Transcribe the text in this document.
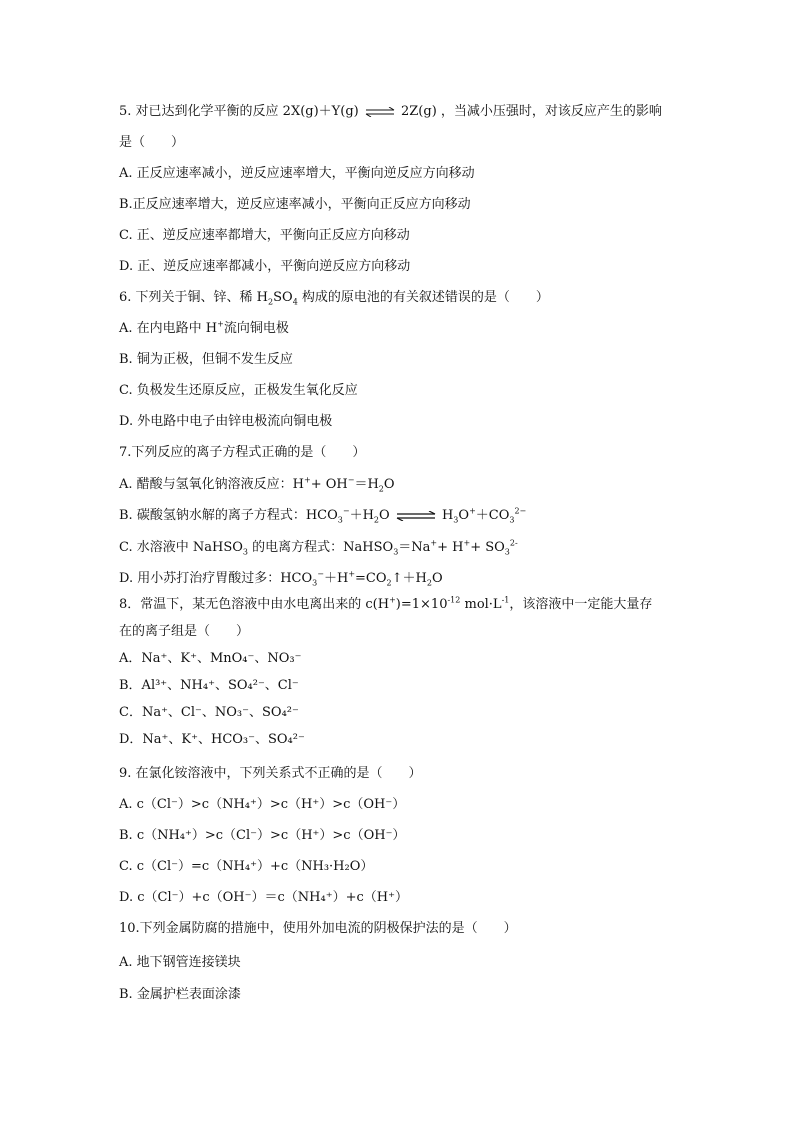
5. 对已达到化学平衡的反应 2X(g)＋Y(g) ⇌ 2Z(g) ，当减小压强时，对该反应产生的影响
是（　　）
A. 正反应速率减小，逆反应速率增大，平衡向逆反应方向移动
B.正反应速率增大，逆反应速率减小，平衡向正反应方向移动
C. 正、逆反应速率都增大，平衡向正反应方向移动
D. 正、逆反应速率都减小，平衡向逆反应方向移动
6. 下列关于铜、锌、稀 $H_2SO_4$ 构成的原电池的有关叙述错误的是（　　）
A. 在内电路中 H+流向铜电极
B. 铜为正极，但铜不发生反应
C. 负极发生还原反应，正极发生氧化反应
D. 外电路中电子由锌电极流向铜电极
7.下列反应的离子方程式正确的是（　　）
A. 醋酸与氢氧化钠溶液反应：$H^++ OH^-=H_2O$
B. 碳酸氢钠水解的离子方程式：$HCO_3^-+H_2O$ ⇌ $H_3O^++CO_3^{2-}$
C. 水溶液中 NaHSO$_3$ 的电离方程式：NaHSO$_3$＝Na++ $H^++ SO_3^{2-}$
D. 用小苏打治疗胃酸过多：$HCO_3^-+H^+=CO_2↑+H_2O$
8．常温下，某无色溶液中由水电离出来的 $c(H^+)=1\times 10^{-12}$ $mol\cdot L^{-1}$，该溶液中一定能大量存
在的离子组是（　　）
A．Na⁺、K⁺、MnO₄⁻、NO₃⁻
B．Al³⁺、NH₄⁺、SO₄²⁻、Cl⁻
C．Na⁺、Cl⁻、NO₃⁻、SO₄²⁻
D．Na⁺、K⁺、HCO₃⁻、SO₄²⁻
9. 在氯化铵溶液中，下列关系式不正确的是（　　）
A. c（Cl⁻）>c（NH₄⁺）>c（H⁺）>c（OH⁻）
B. c（NH₄⁺）>c（Cl⁻）>c（H⁺）>c（OH⁻）
C. c（Cl⁻）=c（NH₄⁺）+c（NH₃·H₂O）
D. c（Cl⁻）+c（OH⁻）＝c（NH₄⁺）+c（H⁺）
10.下列金属防腐的措施中，使用外加电流的阴极保护法的是（　　）
A. 地下钢管连接镁块
B. 金属护栏表面涂漆
